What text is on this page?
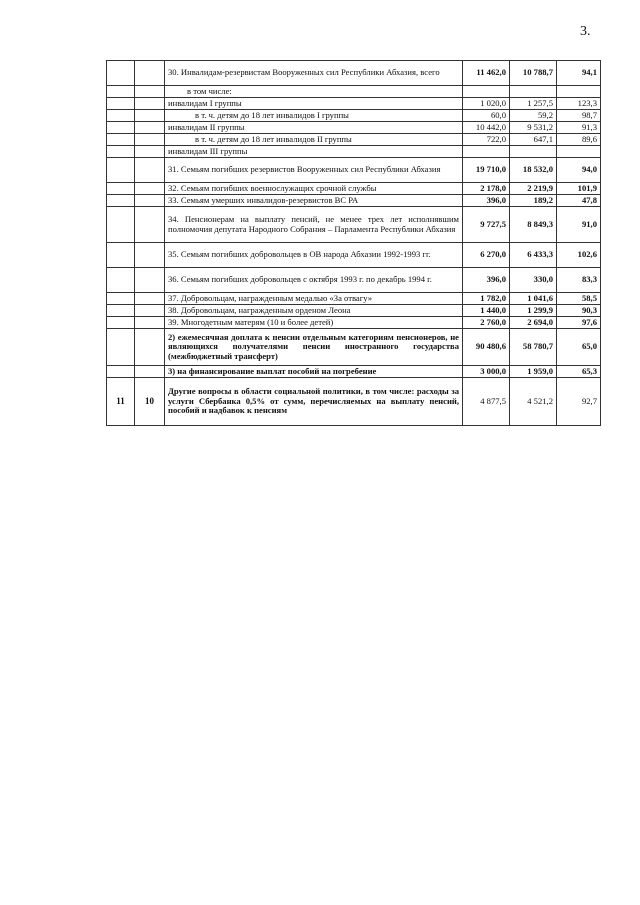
3.
		30. Инвалидам-резервистам Вооруженных сил Республики Абхазия, всего	11 462,0	10 788,7	94,1
		в том числе:			
		инвалидам I группы	1 020,0	1 257,5	123,3
		в т. ч. детям до 18 лет инвалидов I группы	60,0	59,2	98,7
		инвалидам II группы	10 442,0	9 531,2	91,3
		в т. ч. детям до 18 лет инвалидов II группы	722,0	647,1	89,6
		инвалидам III группы			
		31. Семьям погибших резервистов Вооруженных сил Республики Абхазия	19 710,0	18 532,0	94,0
		32. Семьям погибших военнослужащих срочной службы	2 178,0	2 219,9	101,9
		33. Семьям умерших инвалидов-резервистов ВС РА	396,0	189,2	47,8
		34. Пенсионерам на выплату пенсий, не менее трех лет исполнявшим полномочия депутата Народного Собрания – Парламента Республики Абхазия	9 727,5	8 849,3	91,0
		35. Семьям погибших добровольцев в ОВ народа Абхазии 1992-1993 гг.	6 270,0	6 433,3	102,6
		36. Семьям погибших добровольцев с октября 1993 г. по декабрь 1994 г.	396,0	330,0	83,3
		37. Добровольцам, награжденным медалью «За отвагу»	1 782,0	1 041,6	58,5
		38. Добровольцам, награжденным орденом Леона	1 440,0	1 299,9	90,3
		39. Многодетным матерям (10 и более детей)	2 760,0	2 694,0	97,6
		2) ежемесячная доплата к пенсии отдельным категориям пенсионеров, не являющихся получателями пенсии иностранного государства (межбюджетный трансферт)	90 480,6	58 780,7	65,0
		3) на финансирование выплат пособий на погребение	3 000,0	1 959,0	65,3
11	10	Другие вопросы в области социальной политики, в том числе: расходы за услуги Сбербанка 0,5% от сумм, перечисляемых на выплату пенсий, пособий и надбавок к пенсиям	4 877,5	4 521,2	92,7
